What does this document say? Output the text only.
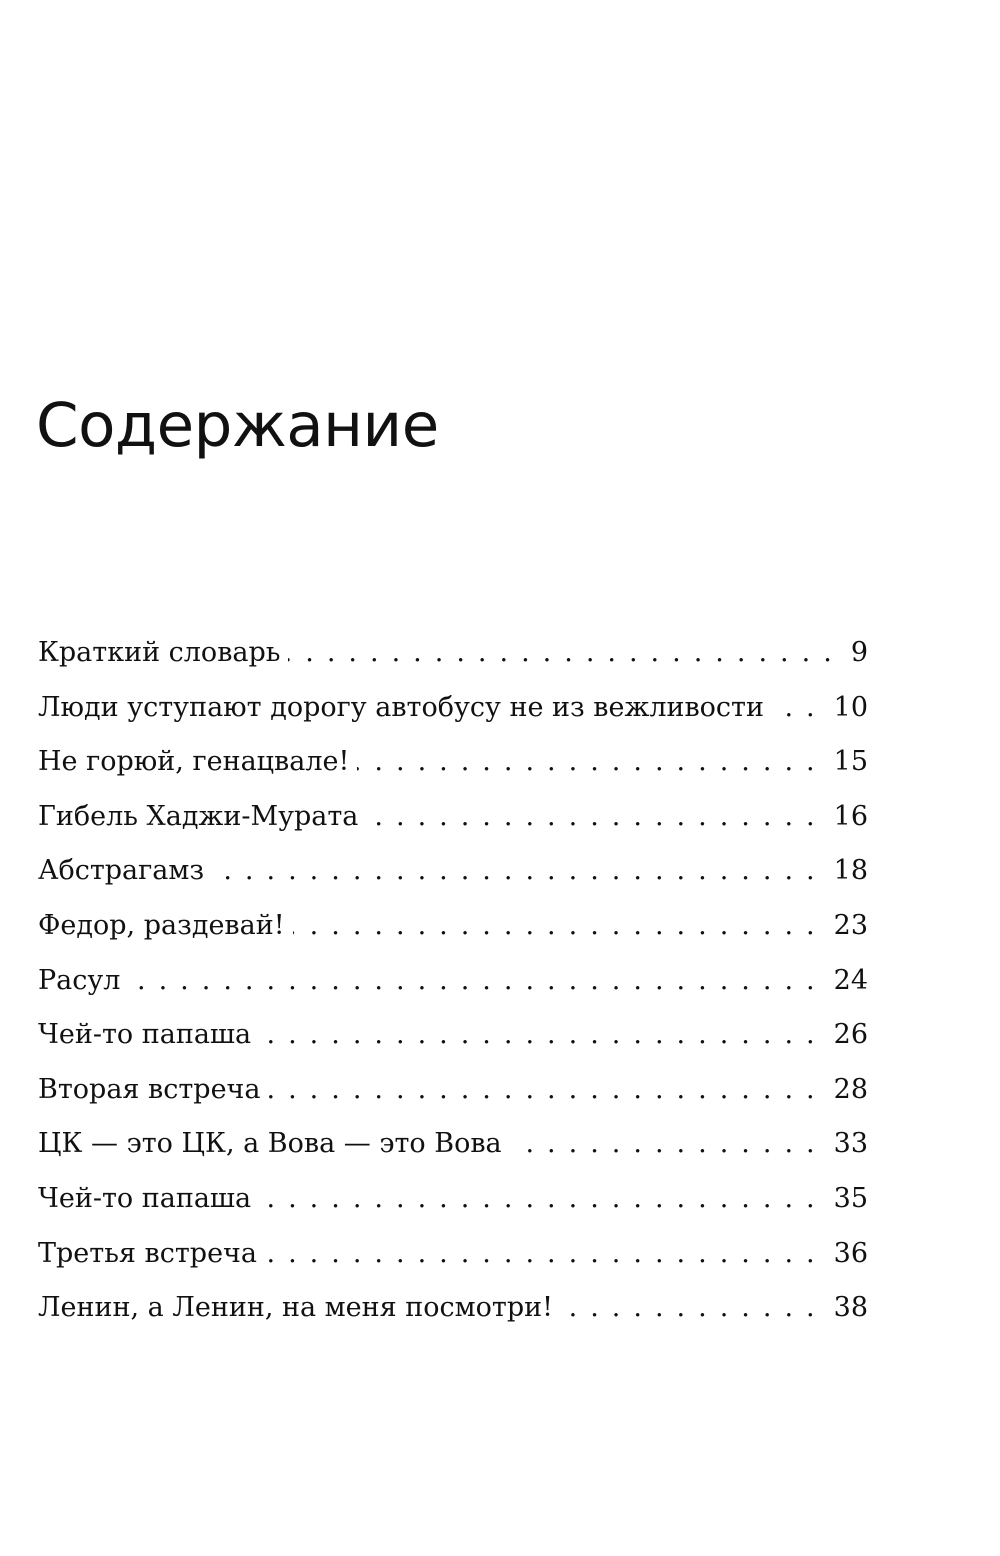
Содержание
Краткий словарь .....	9
Люди уступают дорогу автобусу не из вежливости .....	10
Не горюй, генацвале! .....	15
Гибель Хаджи-Мурата .....	16
Абстрагамз .....	18
Федор, раздевай! .....	23
Расул .....	24
Чей-то папаша .....	26
Вторая встреча .....	28
ЦК — это ЦК, а Вова — это Вова .....	33
Чей-то папаша .....	35
Третья встреча .....	36
Ленин, а Ленин, на меня посмотри! .....	38
